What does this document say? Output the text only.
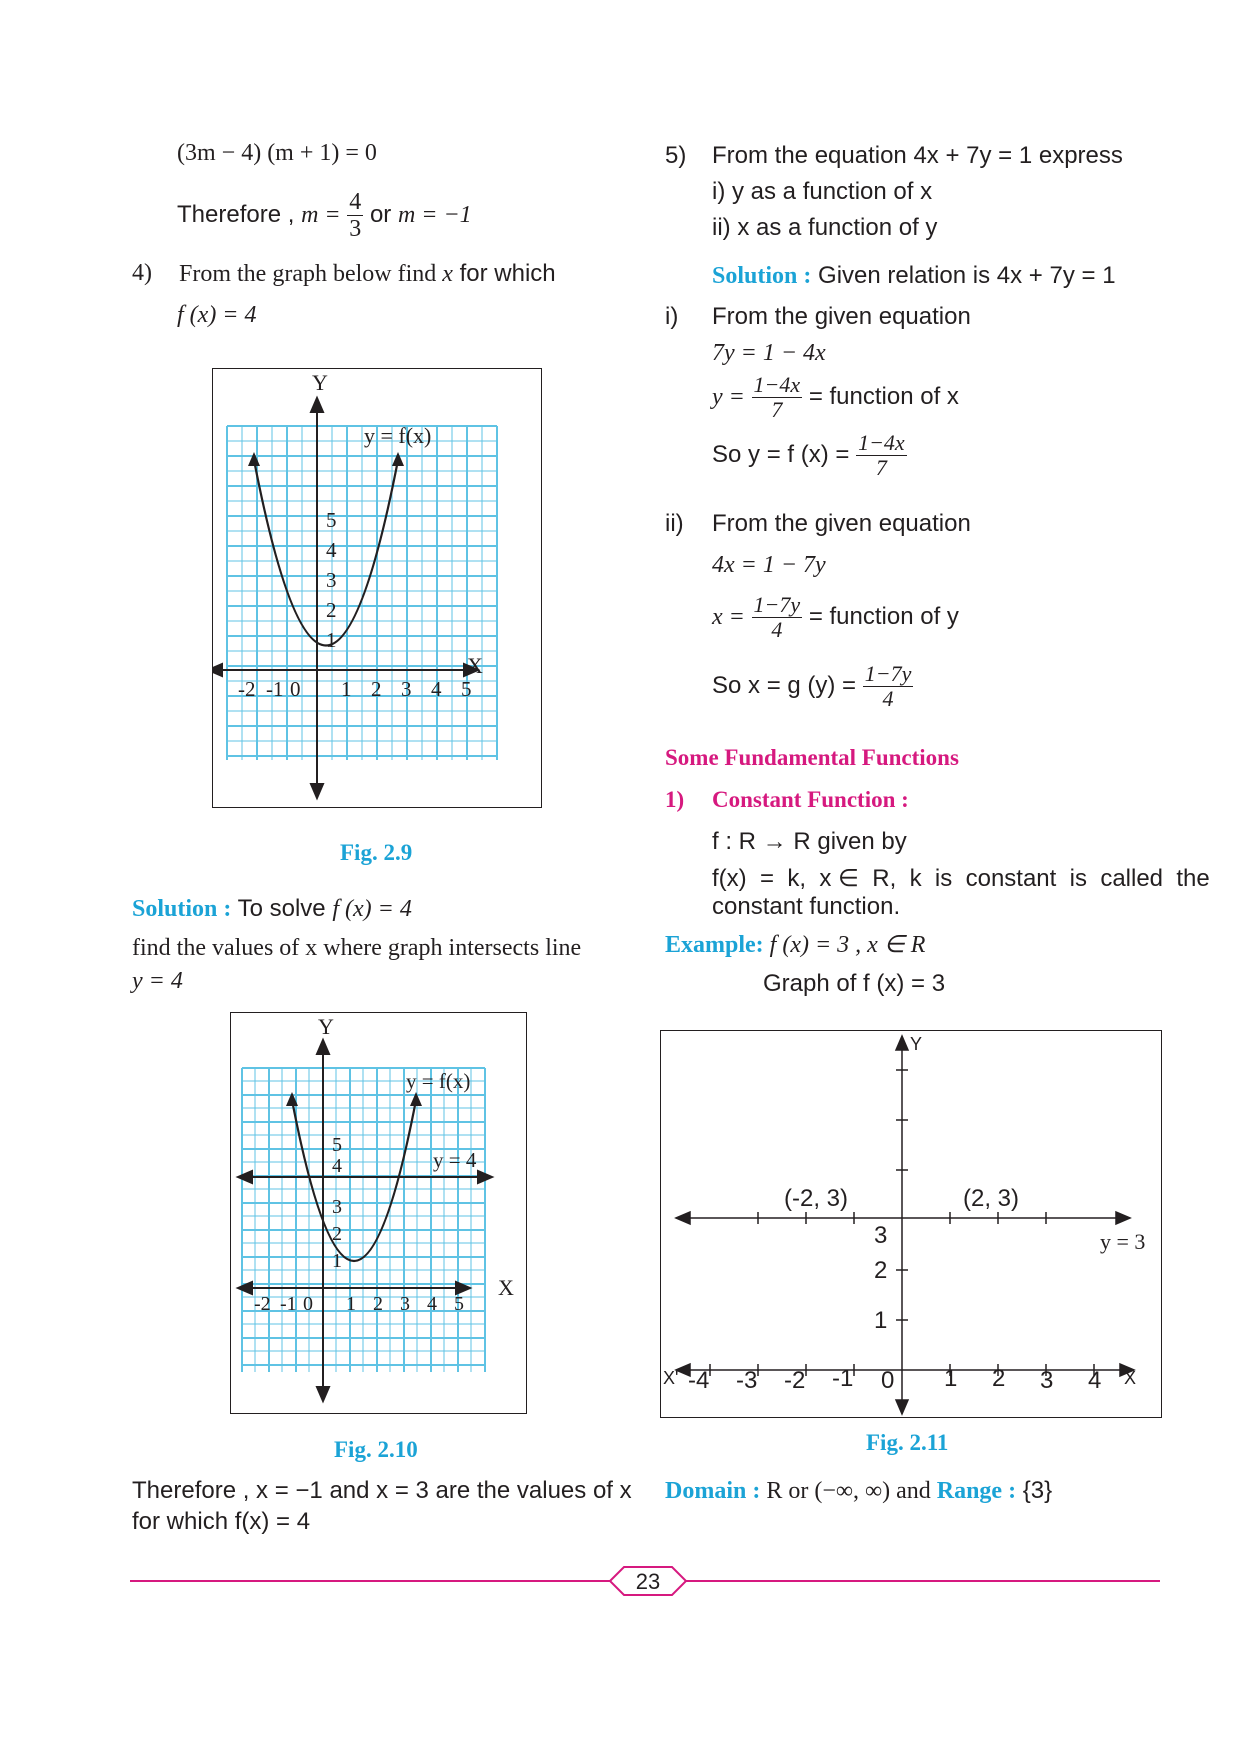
(3m − 4) (m + 1) = 0
Therefore , $m = \frac{4}{3}$ or m = −1
4) From the graph below find x for which
f (x) = 4
Y
X
y = f(x)
-2 -1 0 1 2 3 4 5
1
2
3
4
5
Fig. 2.9
Solution : To solve f (x) = 4
find the values of x where graph intersects line
y = 4
Y
X
y = f(x)
y = 4
-2 -1 0 1 2 3 4 5
1
2
3
4
5
Fig. 2.10
Therefore , x = −1 and x = 3 are the values of x
for which f(x) = 4
5) From the equation 4x + 7y = 1 express
i) y as a function of x
ii) x as a function of y
Solution : Given relation is 4x + 7y = 1
i) From the given equation
7y = 1 − 4x
$y = \frac{1-4x}{7}$ = function of x
So y = f $(x) = \frac{1-4x}{7}$
ii) From the given equation
4x = 1 − 7y
$x = \frac{1-7y}{4}$ = function of y
So x = g $(y) = \frac{1-7y}{4}$
Some Fundamental Functions
1) Constant Function :
f : R → R given by
f(x)  =  k,  x ∈  R,  k  is  constant  is  called  the
constant function.
Example: f (x) = 3 , x ∈ R
Graph of f (x) = 3
Y
X
X' -4 -3 -2 -1 0 1 2 3 4
1
2
3
(-2, 3)	(2, 3)
y = 3
Fig. 2.11
Domain : R or (−∞, ∞) and Range : {3}
23
